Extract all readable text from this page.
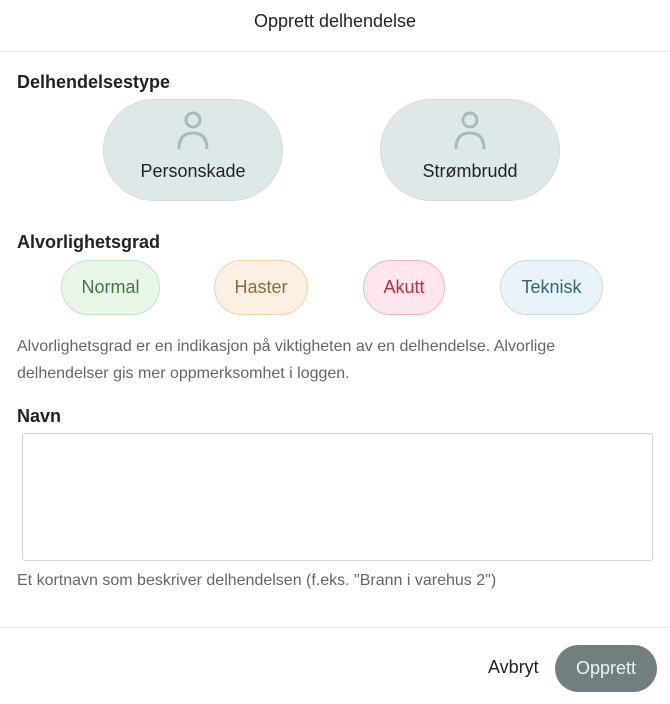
Opprett delhendelse
Delhendelsestype
Personskade	Strømbrudd
Alvorlighetsgrad
Normal	Haster	Akutt	Teknisk
Alvorlighetsgrad er en indikasjon på viktigheten av en delhendelse. Alvorlige delhendelser gis mer oppmerksomhet i loggen.
Navn
Et kortnavn som beskriver delhendelsen (f.eks. "Brann i varehus 2")
Avbryt	Opprett
